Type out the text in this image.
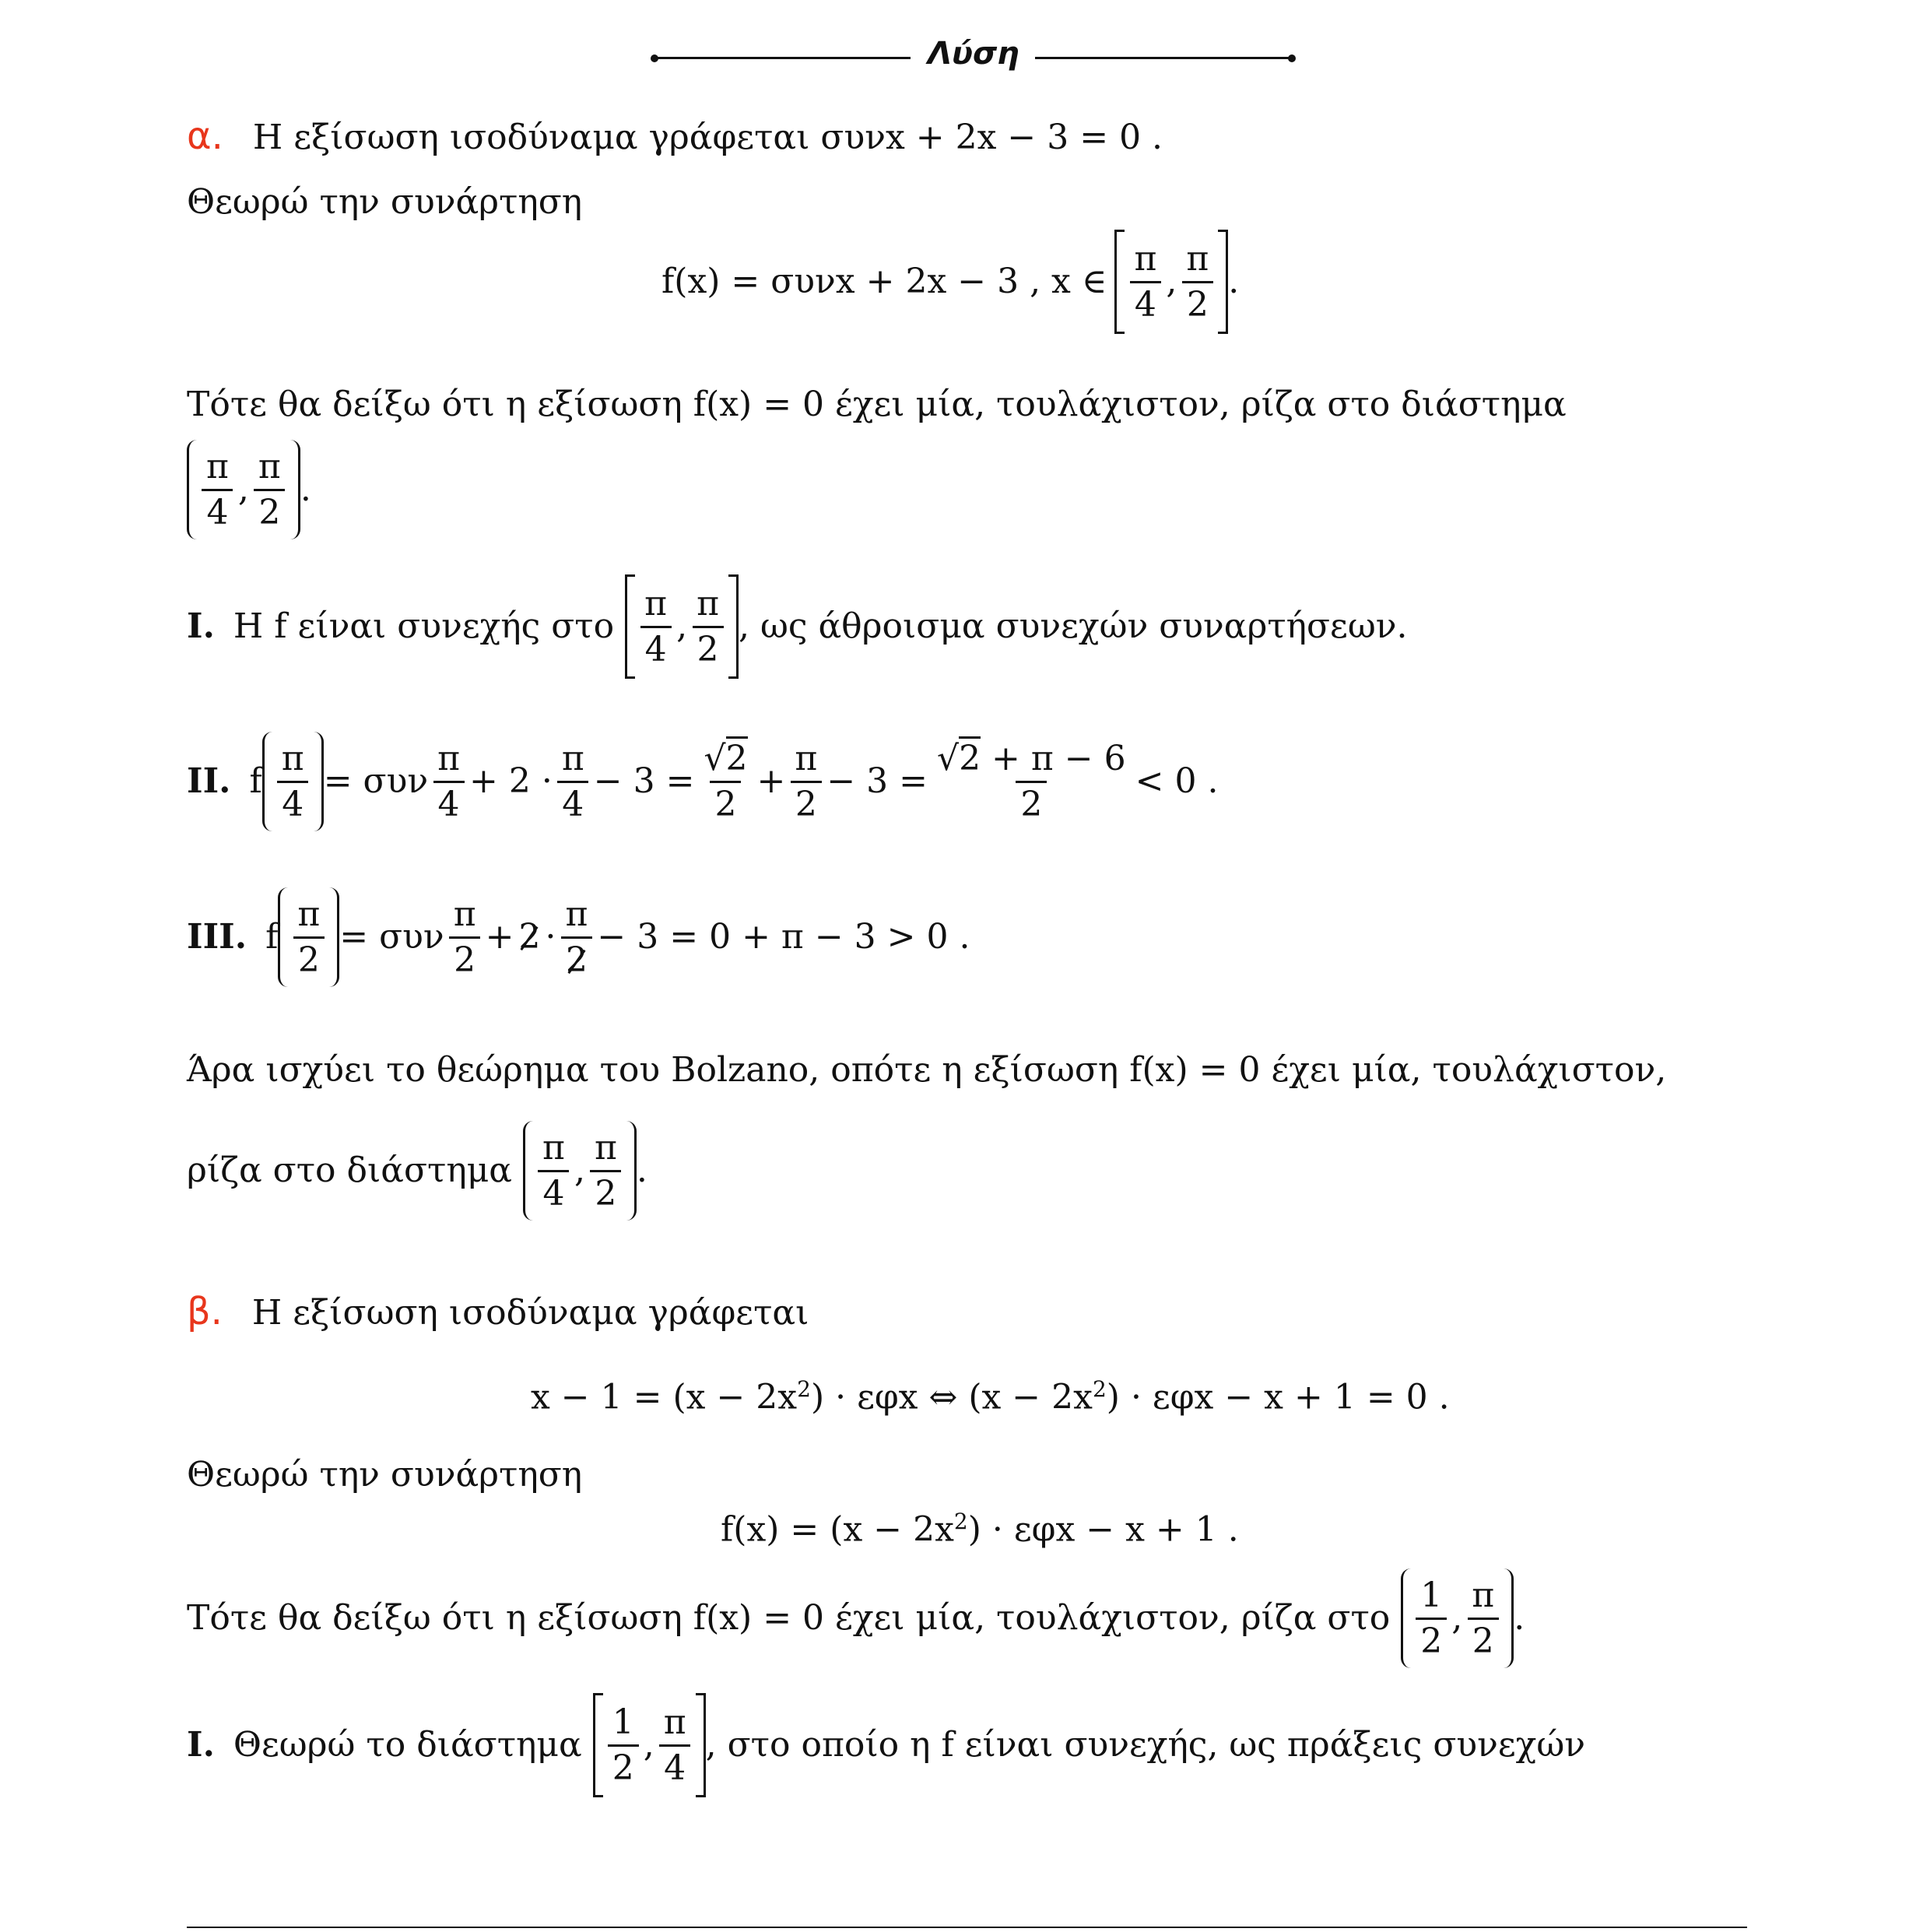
Λύση
α. Η εξίσωση ισοδύναμα γράφεται συνx + 2x − 3 = 0 .
Θεωρώ την συνάρτηση
f(x) = συνx + 2x − 3 , x ∈ $\frac{\pi}{4}$ , $\frac{\pi}{2}$ .
Τότε θα δείξω ότι η εξίσωση f(x) = 0 έχει μία, τουλάχιστον, ρίζα στο διάστημα
$\frac{\pi}{4}$ , $\frac{\pi}{2}$ .
I. Η f είναι συνεχής στο $\frac{\pi}{4}$ , $\frac{\pi}{2}$ , ως άθροισμα συνεχών συναρτήσεων.
II. f $\frac{\pi}{4} = \sigma\upsilon\nu \frac{\pi}{4} + 2 \cdot \frac{\pi}{4} - 3 = \frac{√2}{2} + \frac{\pi}{2} - 3 = \frac{√2 + \pi - 6}{2} < 0$ .
III. f $\frac{\pi}{2} = \sigma\upsilon\nu \frac{\pi}{2} + 2 \cdot \frac{\pi}{2} - 3 = 0 + \pi - 3 > 0$ .
Άρα ισχύει το θεώρημα του Bolzano, οπότε η εξίσωση f(x) = 0 έχει μία, τουλάχιστον,
ρίζα στο διάστημα $\frac{\pi}{4}$ , $\frac{\pi}{2}$ .
β. Η εξίσωση ισοδύναμα γράφεται
$x - 1 = (x - 2x^2) \cdot \varepsilon\varphi x$ ⇔ $(x - 2x^2) \cdot \varepsilon\varphi x - x + 1 = 0$ .
Θεωρώ την συνάρτηση
$f(x) = (x - 2x^2) \cdot \varepsilon\varphi x - x + 1$ .
Τότε θα δείξω ότι η εξίσωση f(x) = 0 έχει μία, τουλάχιστον, ρίζα στο $\frac{1}{2}$ , $\frac{\pi}{2}$ .
I. Θεωρώ το διάστημα $\frac{1}{2}$ , $\frac{\pi}{4}$ , στο οποίο η f είναι συνεχής, ως πράξεις συνεχών
